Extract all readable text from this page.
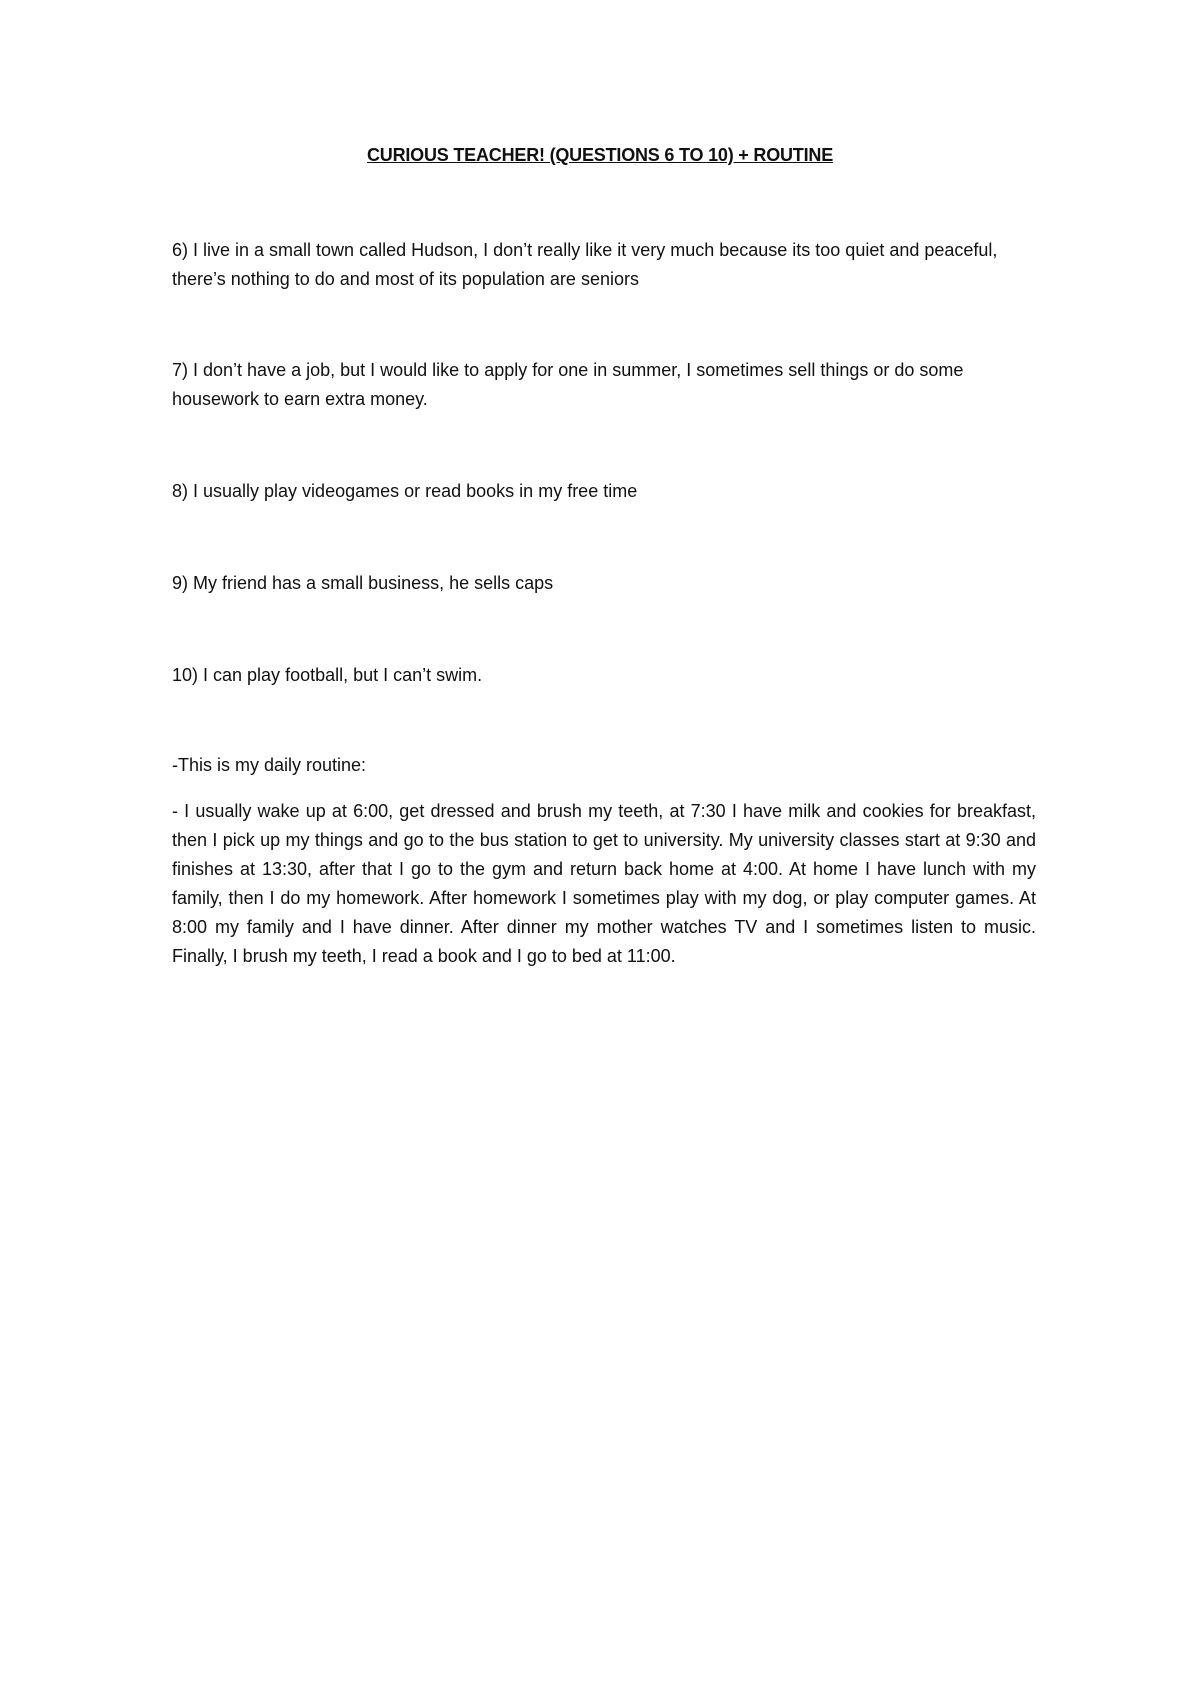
CURIOUS TEACHER! (QUESTIONS 6 TO 10) + ROUTINE

6) I live in a small town called Hudson, I don’t really like it very much because its too quiet and peaceful, there’s nothing to do and most of its population are seniors

7) I don’t have a job, but I would like to apply for one in summer, I sometimes sell things or do some housework to earn extra money.

8) I usually play videogames or read books in my free time

9) My friend has a small business, he sells caps

10) I can play football, but I can’t swim.

-This is my daily routine:

- I usually wake up at 6:00, get dressed and brush my teeth, at 7:30 I have milk and cookies for breakfast, then I pick up my things and go to the bus station to get to university. My university classes start at 9:30 and finishes at 13:30, after that I go to the gym and return back home at 4:00. At home I have lunch with my family, then I do my homework. After homework I sometimes play with my dog, or play computer games. At 8:00 my family and I have dinner. After dinner my mother watches TV and I sometimes listen to music. Finally, I brush my teeth, I read a book and I go to bed at 11:00.
